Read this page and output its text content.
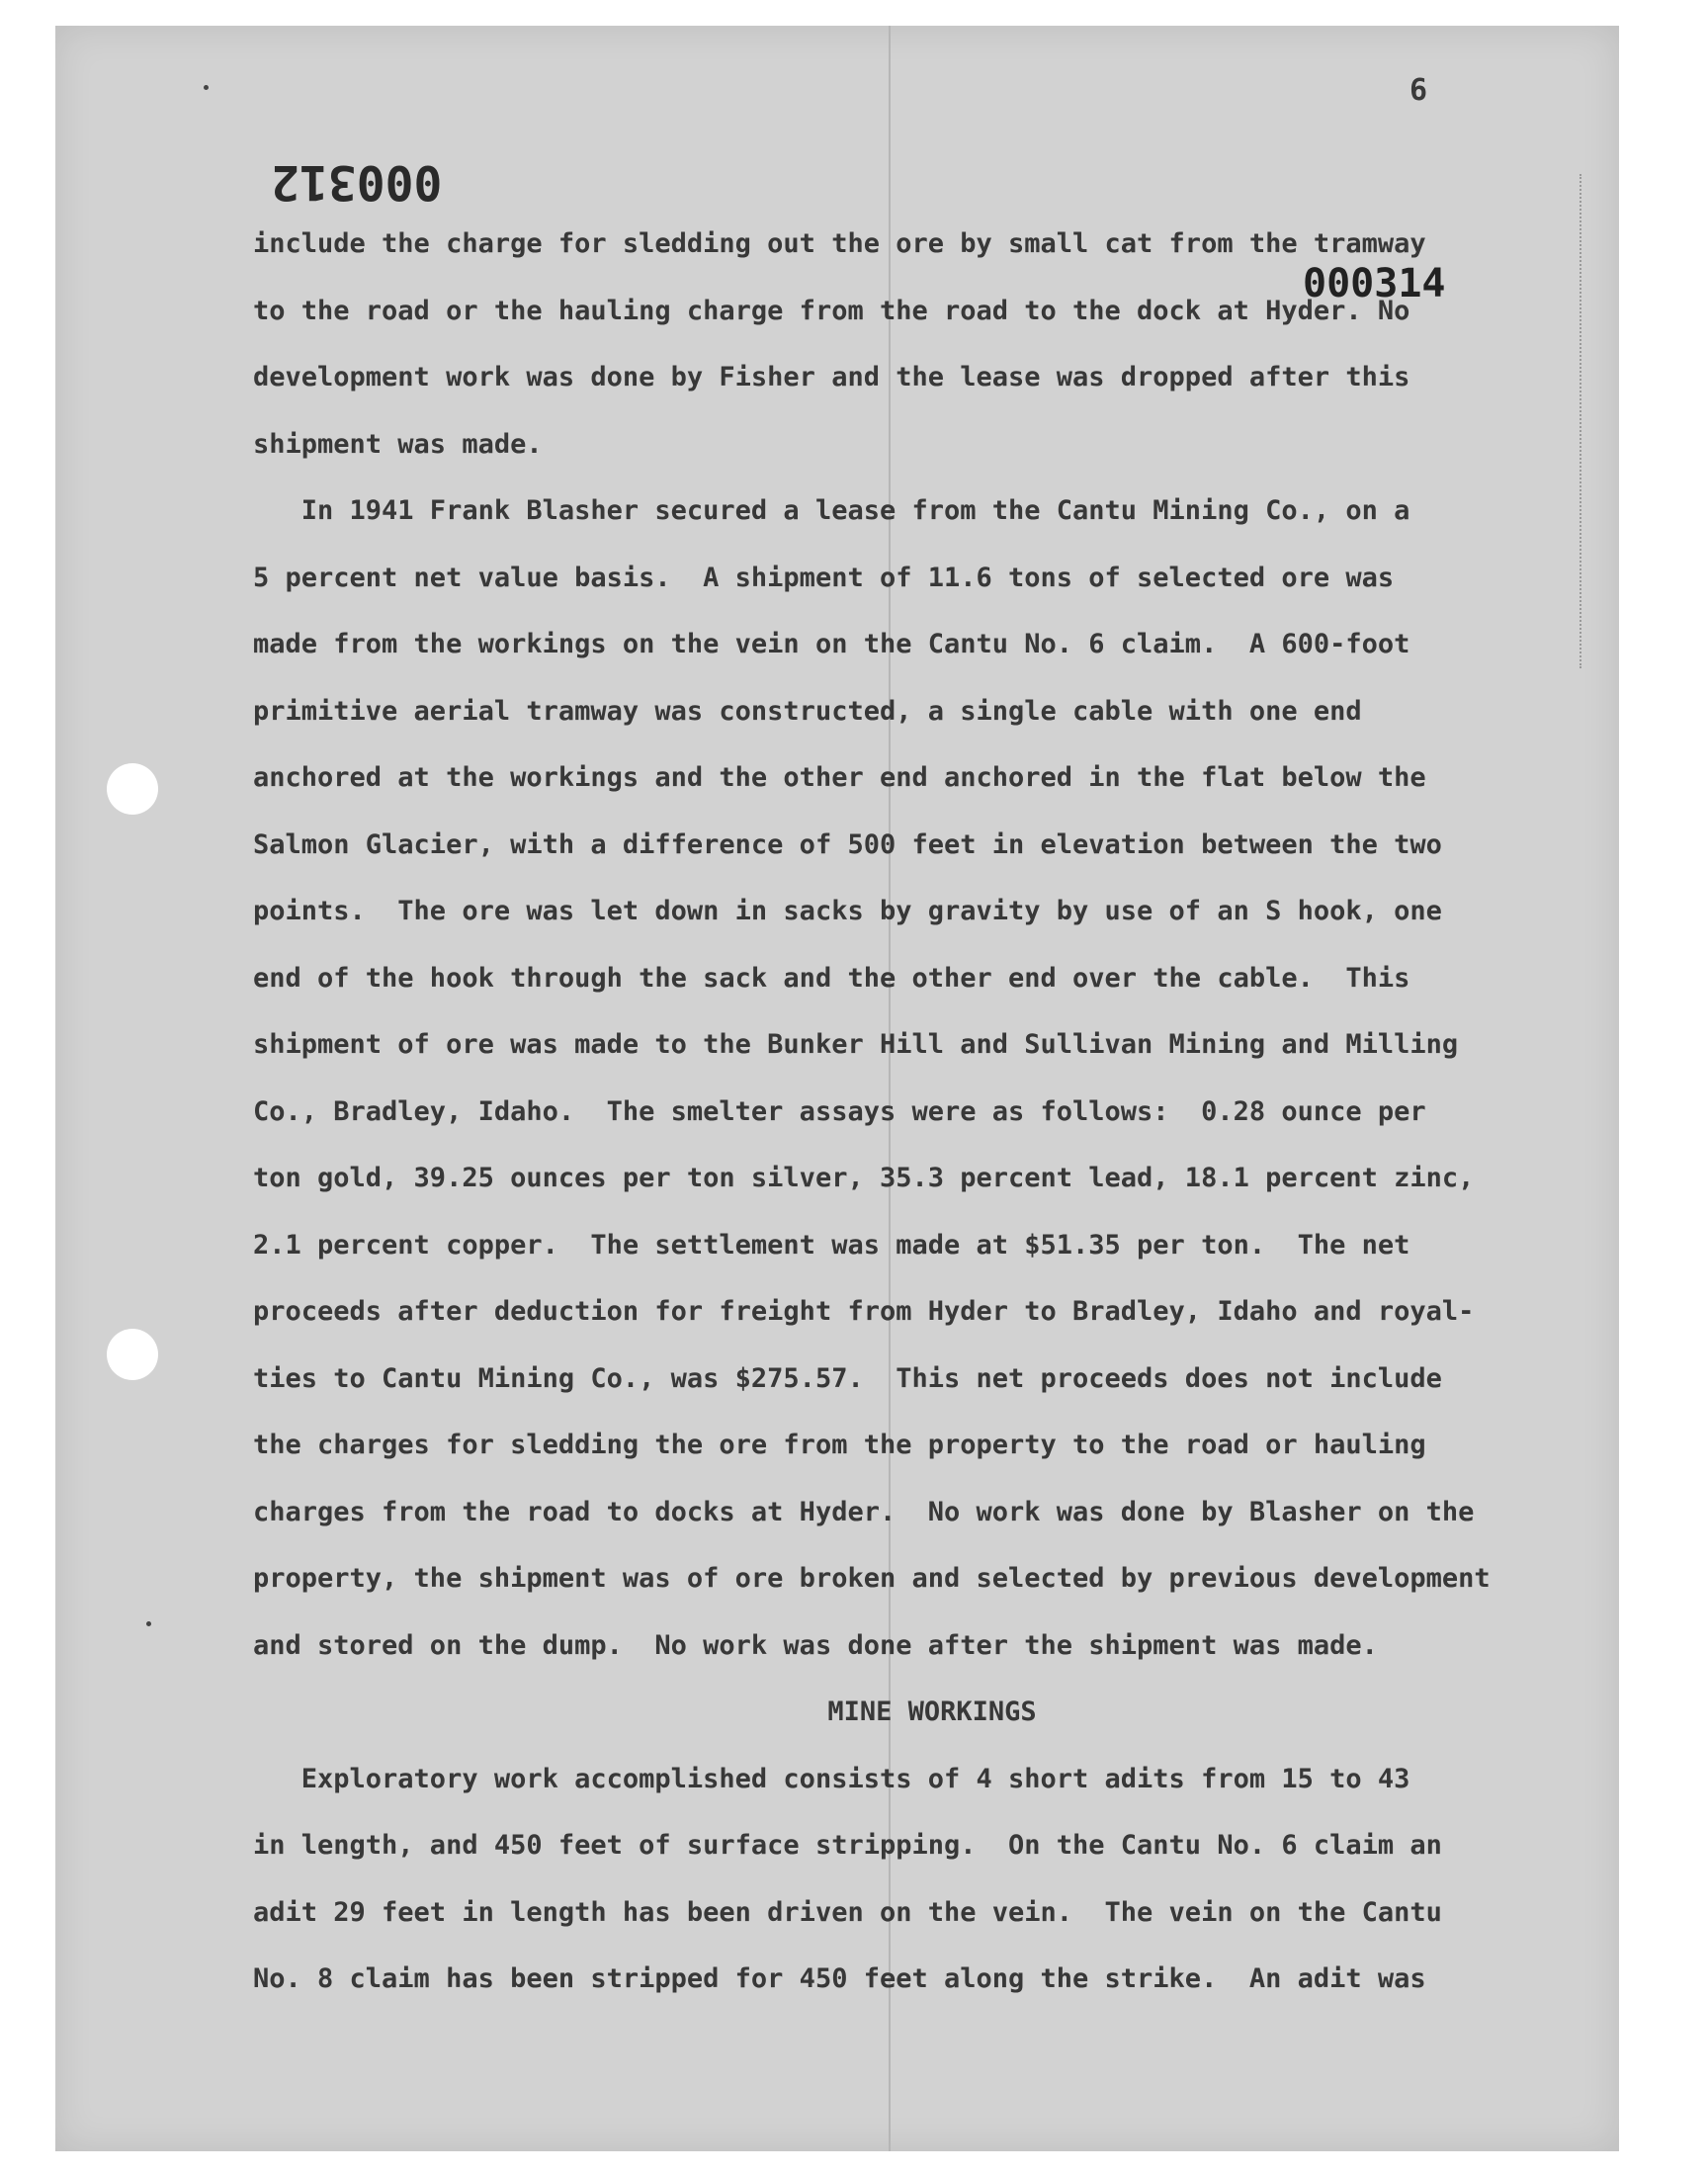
6
000312
000314
include the charge for sledding out the ore by small cat from the tramway
to the road or the hauling charge from the road to the dock at Hyder. No
development work was done by Fisher and the lease was dropped after this
shipment was made.
In 1941 Frank Blasher secured a lease from the Cantu Mining Co., on a
5 percent net value basis.  A shipment of 11.6 tons of selected ore was
made from the workings on the vein on the Cantu No. 6 claim.  A 600-foot
primitive aerial tramway was constructed, a single cable with one end
anchored at the workings and the other end anchored in the flat below the
Salmon Glacier, with a difference of 500 feet in elevation between the two
points.  The ore was let down in sacks by gravity by use of an S hook, one
end of the hook through the sack and the other end over the cable.  This
shipment of ore was made to the Bunker Hill and Sullivan Mining and Milling
Co., Bradley, Idaho.  The smelter assays were as follows:  0.28 ounce per
ton gold, 39.25 ounces per ton silver, 35.3 percent lead, 18.1 percent zinc,
2.1 percent copper.  The settlement was made at $51.35 per ton.  The net
proceeds after deduction for freight from Hyder to Bradley, Idaho and royal-
ties to Cantu Mining Co., was $275.57.  This net proceeds does not include
the charges for sledding the ore from the property to the road or hauling
charges from the road to docks at Hyder.  No work was done by Blasher on the
property, the shipment was of ore broken and selected by previous development
and stored on the dump.  No work was done after the shipment was made.
MINE WORKINGS
Exploratory work accomplished consists of 4 short adits from 15 to 43
in length, and 450 feet of surface stripping.  On the Cantu No. 6 claim an
adit 29 feet in length has been driven on the vein.  The vein on the Cantu
No. 8 claim has been stripped for 450 feet along the strike.  An adit was
